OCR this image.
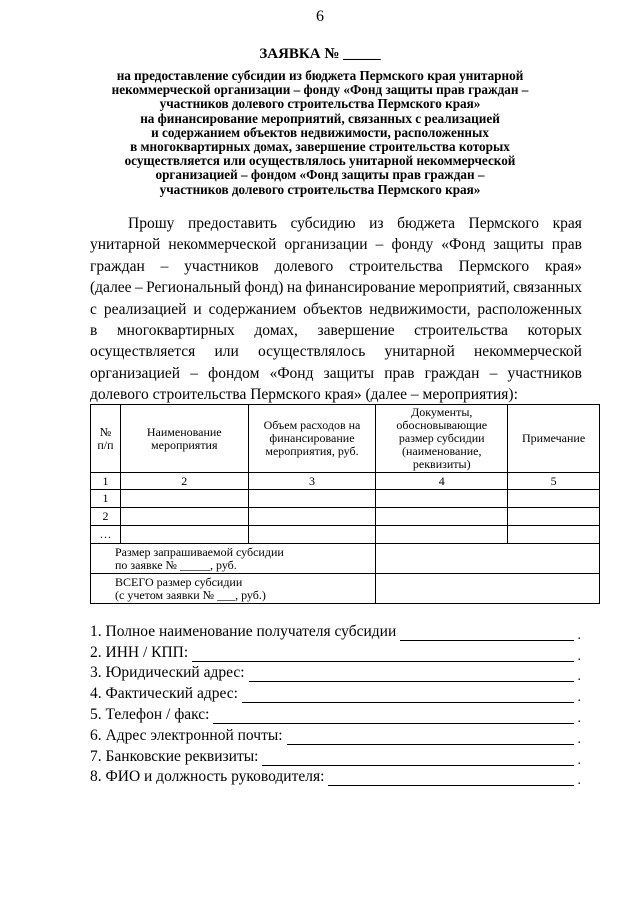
6
ЗАЯВКА № _____
на предоставление субсидии из бюджета Пермского края унитарной
некоммерческой организации – фонду «Фонд защиты прав граждан –
участников долевого строительства Пермского края»
на финансирование мероприятий, связанных с реализацией
и содержанием объектов недвижимости, расположенных
в многоквартирных домах, завершение строительства которых
осуществляется или осуществлялось унитарной некоммерческой
организацией – фондом «Фонд защиты прав граждан –
участников долевого строительства Пермского края»
Прошу предоставить субсидию из бюджета Пермского края
унитарной некоммерческой организации – фонду «Фонд защиты прав
граждан – участников долевого строительства Пермского края»
(далее – Региональный фонд) на финансирование мероприятий, связанных
с реализацией и содержанием объектов недвижимости, расположенных
в многоквартирных домах, завершение строительства которых
осуществляется или осуществлялось унитарной некоммерческой
организацией – фондом «Фонд защиты прав граждан – участников
долевого строительства Пермского края» (далее – мероприятия):
№ п/п	Наименование мероприятия	Объем расходов на финансирование мероприятия, руб.	Документы, обосновывающие размер субсидии (наименование, реквизиты)	Примечание
1	2	3	4	5
1				
2				
…				

Размер запрашиваемой субсидии
по заявке № _____, руб.				

ВСЕГО размер субсидии
(с учетом заявки № ___, руб.)				

1. Полное наименование получателя субсидии
.
2. ИНН / КПП:
.
3. Юридический адрес:
.
4. Фактический адрес:
.
5. Телефон / факс:
.
6. Адрес электронной почты:
.
7. Банковские реквизиты:
.
8. ФИО и должность руководителя:
.
